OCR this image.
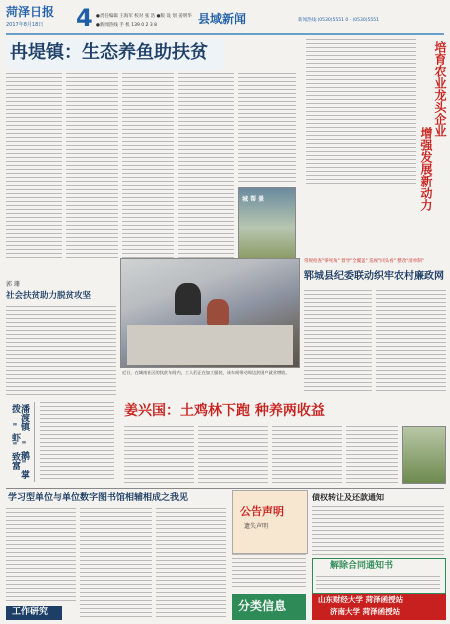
菏泽日报
2017年8月18日 4 ●责任编辑 王海军 校对 张 浩 ●版 设 划 姜明华
●新闻热线 手 机 139 0 2 3 8	县域新闻	新闻热线:(0530)5551 0 · (0530)5551
冉堤镇：生态养鱼助扶贫
城 帮 景
培育农业龙头企业
增强发展新动力
郭 珊
社会扶贫助力脱贫攻坚
近日，在城南社区的扶贫车间内，工人们正在加工服装，该车间带动周边贫困户就业增收。
常规检查"零死角" 督导"全覆盖" 巡视"回头看" 整改"清单制"
郓城县纪委联动织牢农村廉政网
潘渡镇 "鹅"掌 拨 "虾"致富	姜兴国：土鸡林下跑 种养两收益
学习型单位与单位数字图书馆相辅相成之我见
工作研究
公告声明
遗失声明
分类信息
债权转让及还款通知
解除合同通知书
山东财经大学 菏泽函授站
济南大学 菏泽函授站
